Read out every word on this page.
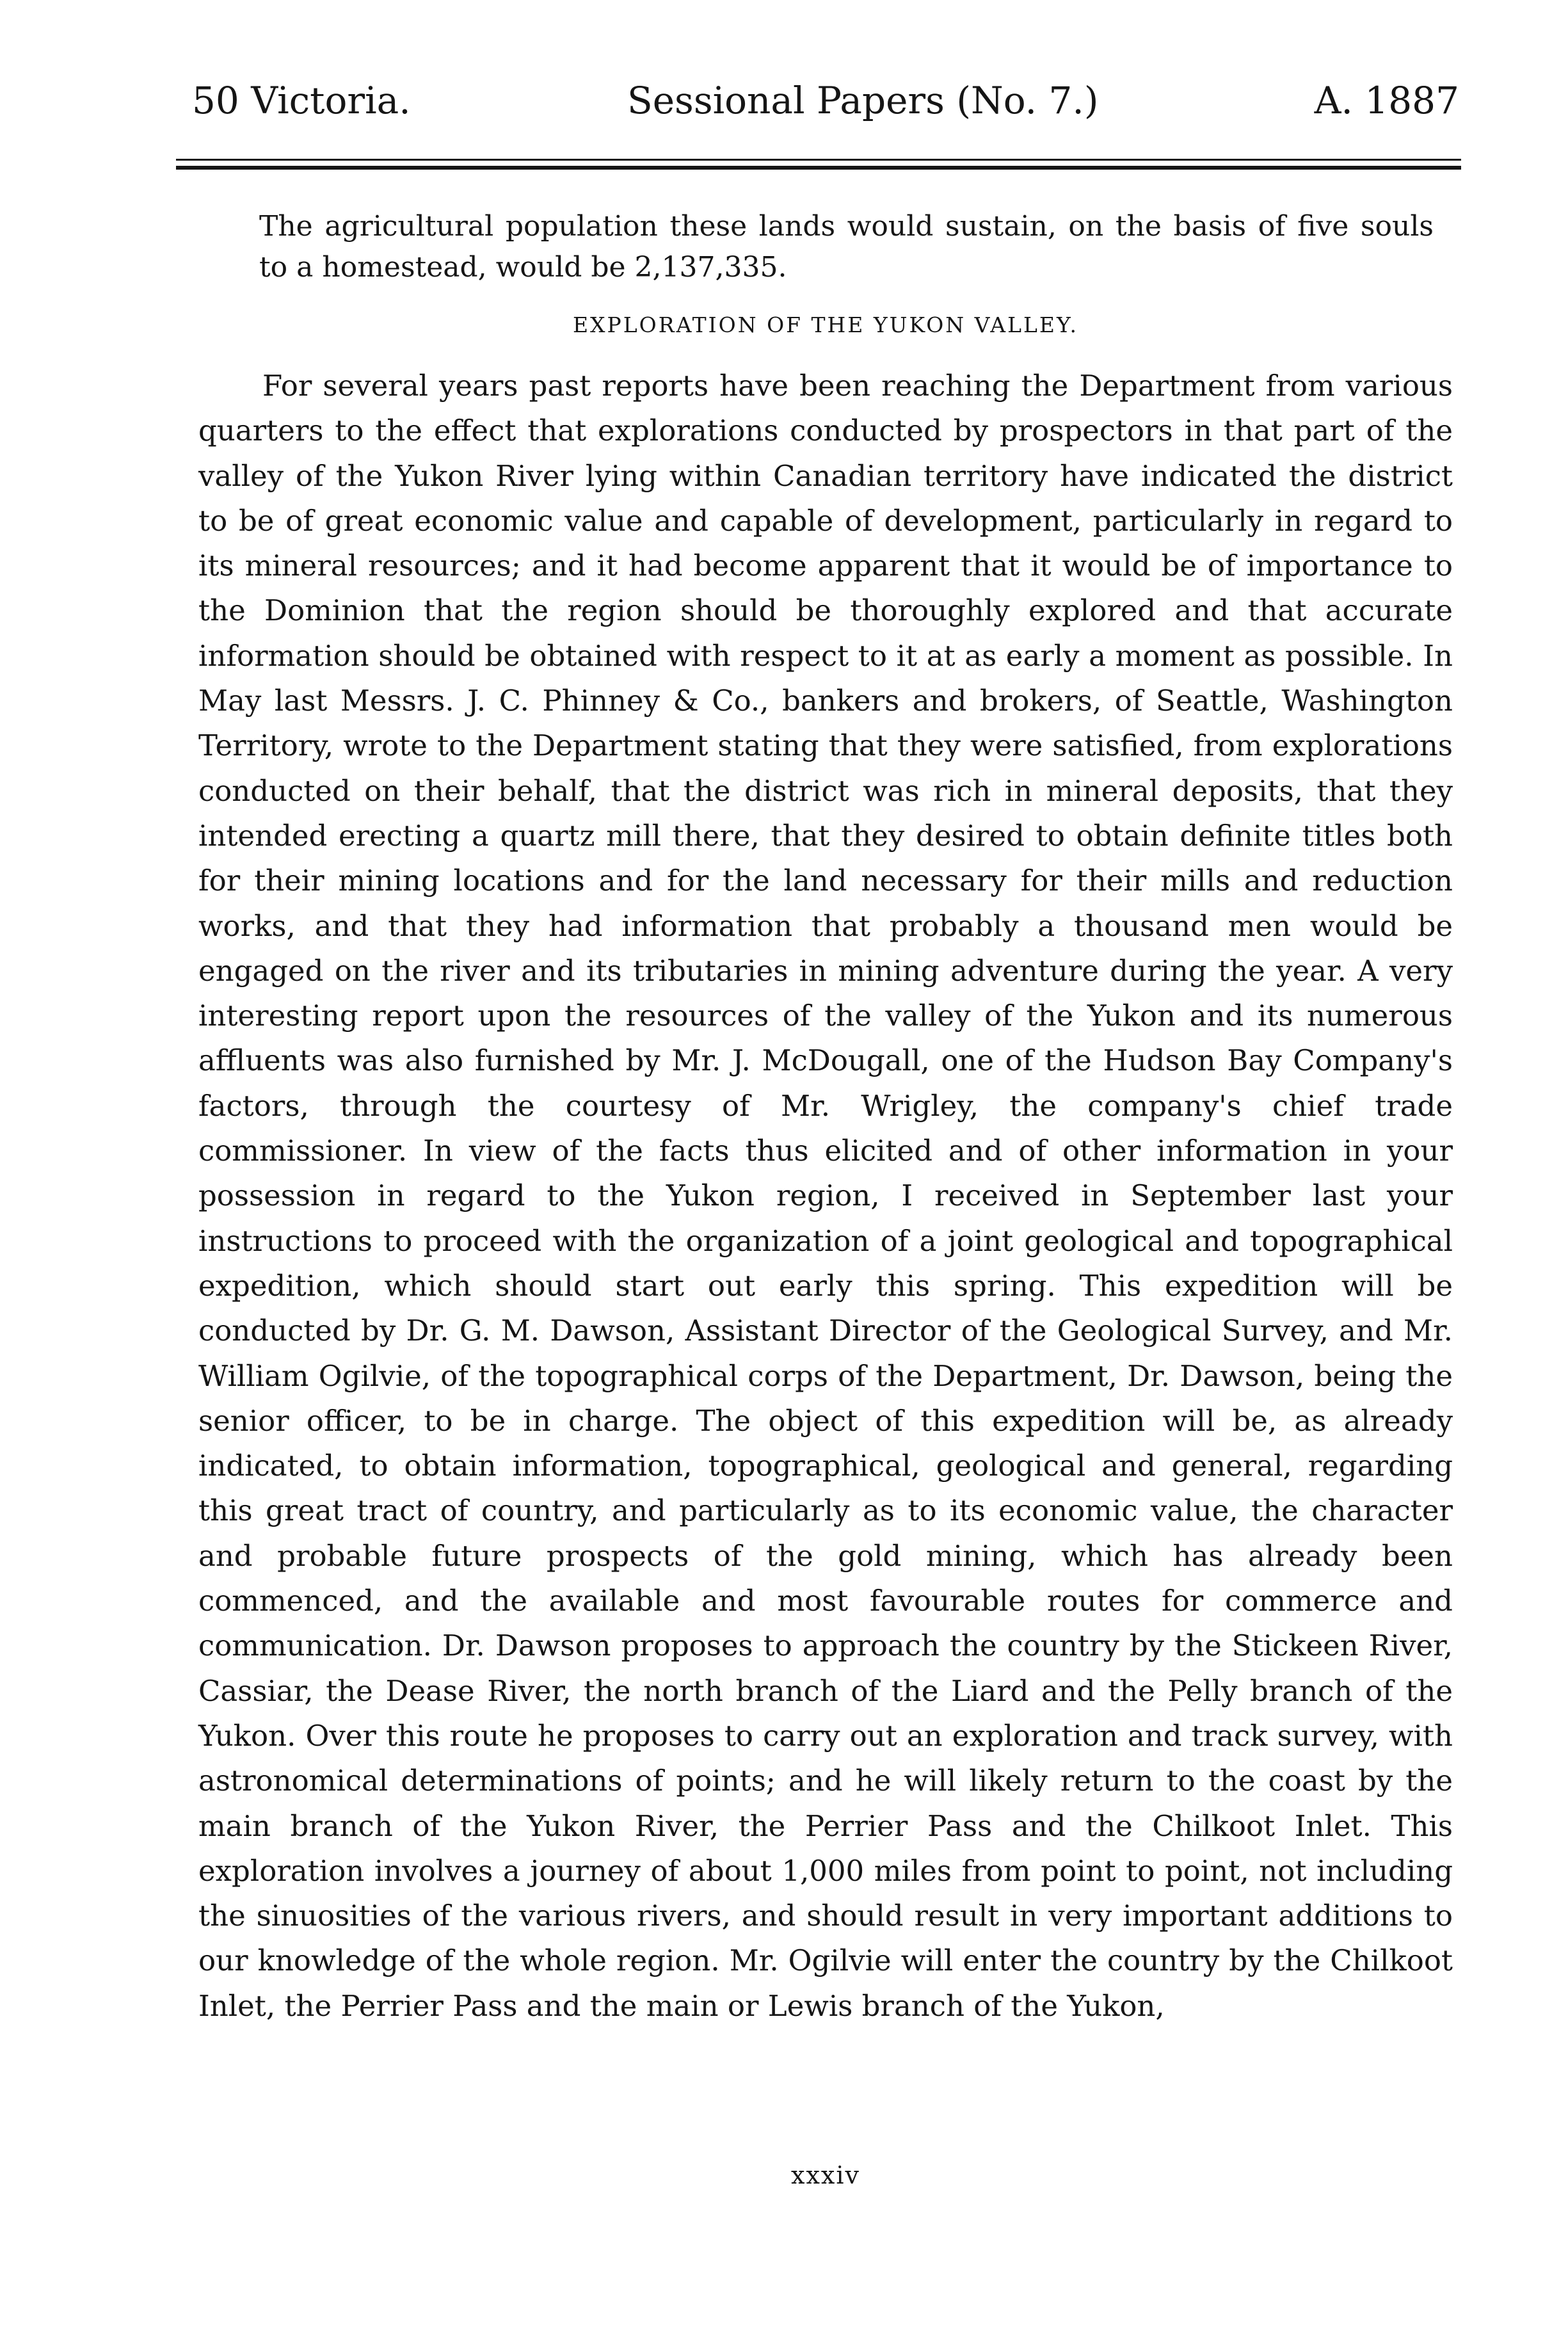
50 Victoria.	Sessional Papers (No. 7.)	A. 1887

The agricultural population these lands would sustain, on the basis of five souls to a homestead, would be 2,137,335.

EXPLORATION OF THE YUKON VALLEY.

For several years past reports have been reaching the Department from various quarters to the effect that explorations conducted by prospectors in that part of the valley of the Yukon River lying within Canadian territory have indicated the district to be of great economic value and capable of development, particularly in regard to its mineral resources; and it had become apparent that it would be of importance to the Dominion that the region should be thoroughly explored and that accurate information should be obtained with respect to it at as early a moment as possible. In May last Messrs. J. C. Phinney & Co., bankers and brokers, of Seattle, Washington Territory, wrote to the Department stating that they were satisfied, from explorations conducted on their behalf, that the district was rich in mineral deposits, that they intended erecting a quartz mill there, that they desired to obtain definite titles both for their mining locations and for the land necessary for their mills and reduction works, and that they had information that probably a thousand men would be engaged on the river and its tributaries in mining adventure during the year. A very interesting report upon the resources of the valley of the Yukon and its numerous affluents was also furnished by Mr. J. McDougall, one of the Hudson Bay Company's factors, through the courtesy of Mr. Wrigley, the company's chief trade commissioner. In view of the facts thus elicited and of other information in your possession in regard to the Yukon region, I received in September last your instructions to proceed with the organization of a joint geological and topographical expedition, which should start out early this spring. This expedition will be conducted by Dr. G. M. Dawson, Assistant Director of the Geological Survey, and Mr. William Ogilvie, of the topographical corps of the Department, Dr. Dawson, being the senior officer, to be in charge. The object of this expedition will be, as already indicated, to obtain information, topographical, geological and general, regarding this great tract of country, and particularly as to its economic value, the character and probable future prospects of the gold mining, which has already been commenced, and the available and most favourable routes for commerce and communication. Dr. Dawson proposes to approach the country by the Stickeen River, Cassiar, the Dease River, the north branch of the Liard and the Pelly branch of the Yukon. Over this route he proposes to carry out an exploration and track survey, with astronomical determinations of points; and he will likely return to the coast by the main branch of the Yukon River, the Perrier Pass and the Chilkoot Inlet. This exploration involves a journey of about 1,000 miles from point to point, not including the sinuosities of the various rivers, and should result in very important additions to our knowledge of the whole region. Mr. Ogilvie will enter the country by the Chilkoot Inlet, the Perrier Pass and the main or Lewis branch of the Yukon,

xxxiv
